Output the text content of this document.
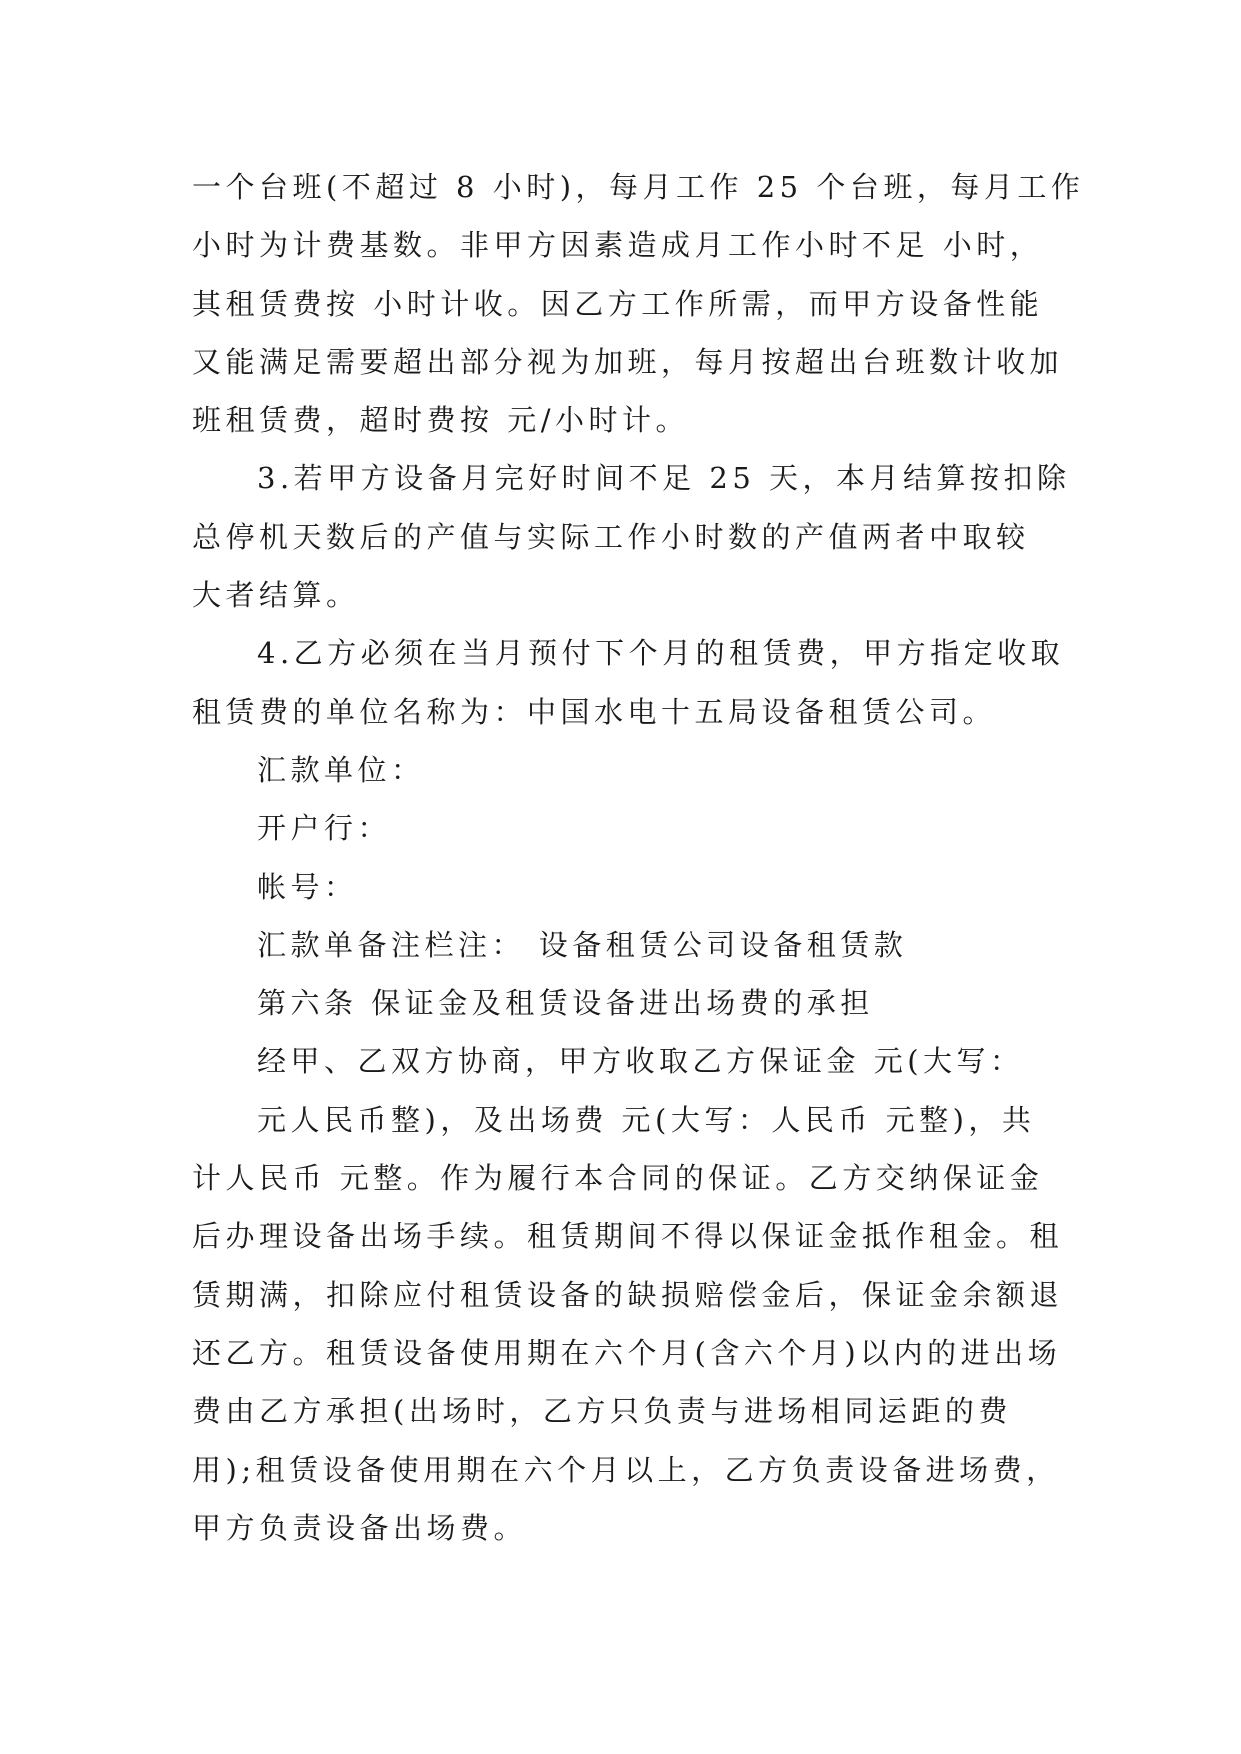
一个台班(不超过 8 小时)，每月工作 25 个台班，每月工作
小时为计费基数。非甲方因素造成月工作小时不足 小时，
其租赁费按 小时计收。因乙方工作所需，而甲方设备性能
又能满足需要超出部分视为加班，每月按超出台班数计收加
班租赁费，超时费按 元/小时计。
3.若甲方设备月完好时间不足 25 天，本月结算按扣除
总停机天数后的产值与实际工作小时数的产值两者中取较
大者结算。
4.乙方必须在当月预付下个月的租赁费，甲方指定收取
租赁费的单位名称为：中国水电十五局设备租赁公司。
汇款单位：
开户行：
帐号：
汇款单备注栏注： 设备租赁公司设备租赁款
第六条 保证金及租赁设备进出场费的承担
经甲、乙双方协商，甲方收取乙方保证金 元(大写：
元人民币整)，及出场费 元(大写：人民币 元整)，共
计人民币 元整。作为履行本合同的保证。乙方交纳保证金
后办理设备出场手续。租赁期间不得以保证金抵作租金。租
赁期满，扣除应付租赁设备的缺损赔偿金后，保证金余额退
还乙方。租赁设备使用期在六个月(含六个月)以内的进出场
费由乙方承担(出场时，乙方只负责与进场相同运距的费
用);租赁设备使用期在六个月以上，乙方负责设备进场费，
甲方负责设备出场费。
